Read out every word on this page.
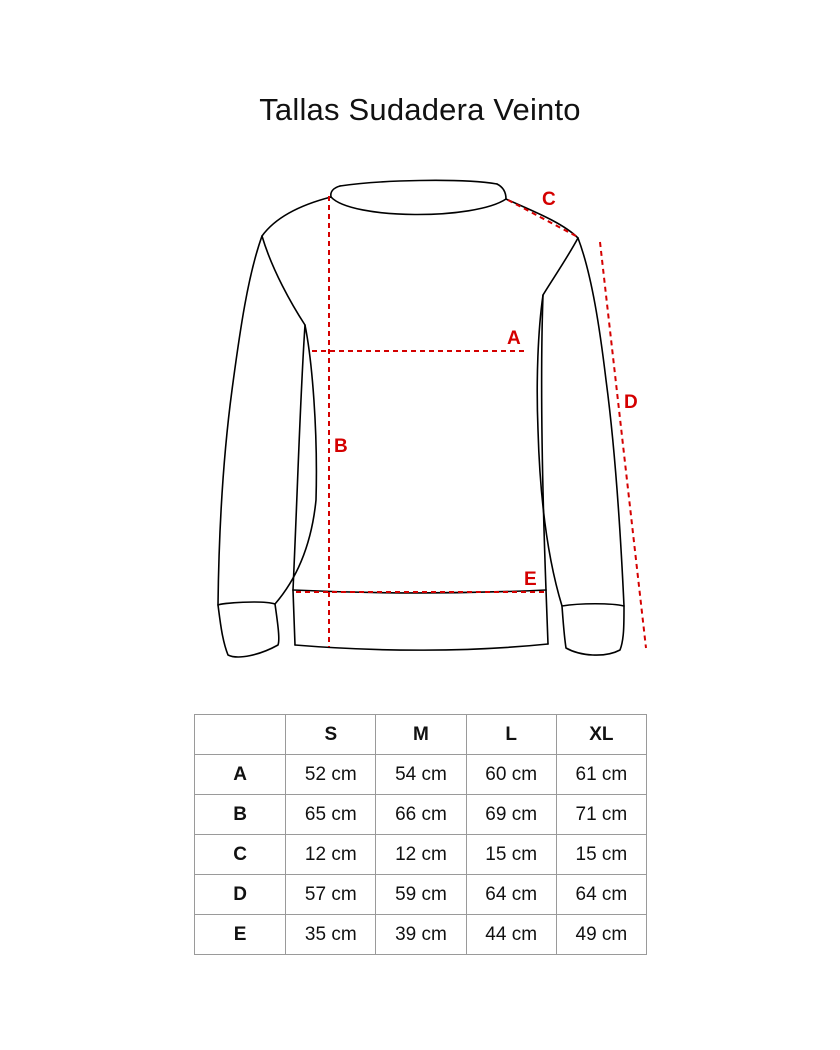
Tallas Sudadera Veinto
A
B
C
D
E
	S	M	L	XL
A	52 cm	54 cm	60 cm	61 cm
B	65 cm	66 cm	69 cm	71 cm
C	12 cm	12 cm	15 cm	15 cm
D	57 cm	59 cm	64 cm	64 cm
E	35 cm	39 cm	44 cm	49 cm
